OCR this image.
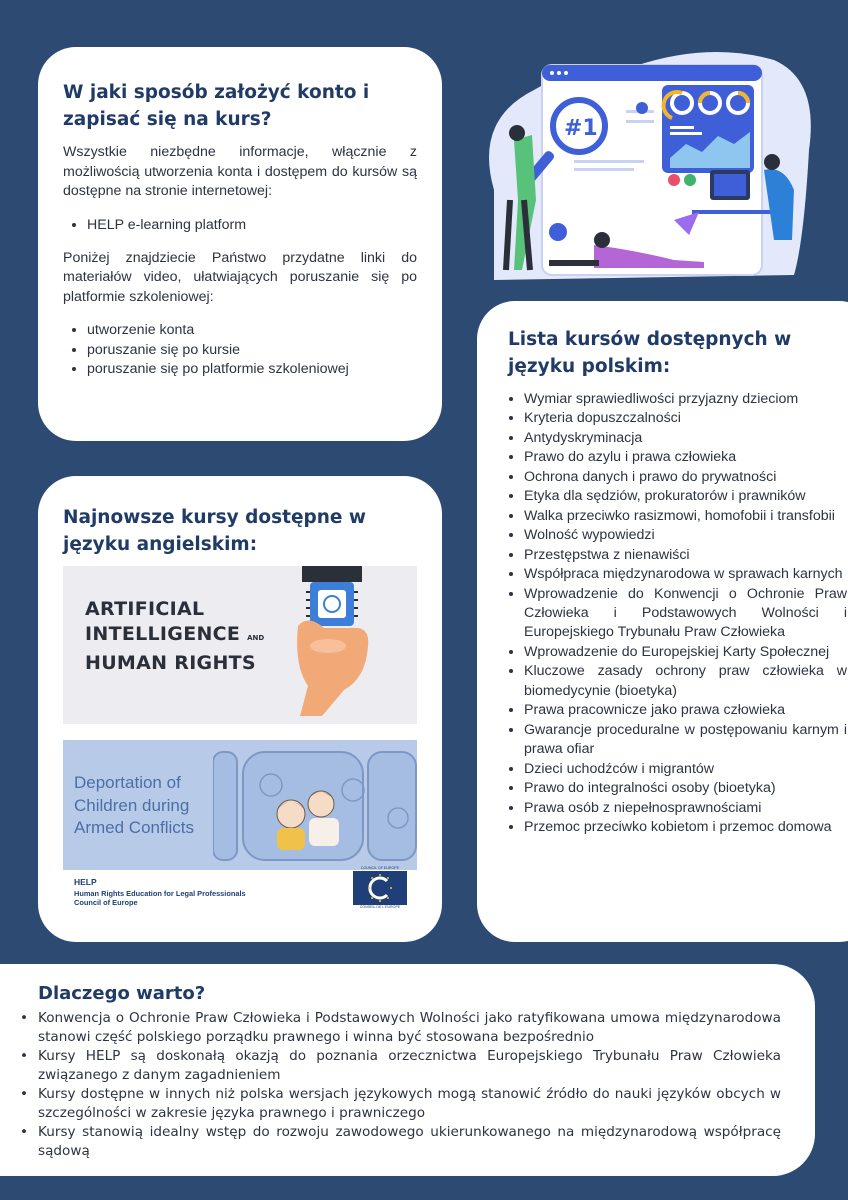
W jaki sposób założyć konto i zapisać się na kurs?

Wszystkie niezbędne informacje, włącznie z możliwością utworzenia konta i dostępem do kursów są dostępne na stronie internetowej:

• HELP e-learning platform

Poniżej znajdziecie Państwo przydatne linki do materiałów video, ułatwiających poruszanie się po platformie szkoleniowej:

• utworzenie konta
• poruszanie się po kursie
• poruszanie się po platformie szkoleniowej
#1
Lista kursów dostępnych w języku polskim:
• Wymiar sprawiedliwości przyjazny dzieciom
• Kryteria dopuszczalności
• Antydyskryminacja
• Prawo do azylu i prawa człowieka
• Ochrona danych i prawo do prywatności
• Etyka dla sędziów, prokuratorów i prawników
• Walka przeciwko rasizmowi, homofobii i transfobii
• Wolność wypowiedzi
• Przestępstwa z nienawiści
• Współpraca międzynarodowa w sprawach karnych
• Wprowadzenie do Konwencji o Ochronie Praw Człowieka i Podstawowych Wolności i Europejskiego Trybunału Praw Człowieka
• Wprowadzenie do Europejskiej Karty Społecznej
• Kluczowe zasady ochrony praw człowieka w biomedycynie (bioetyka)
• Prawa pracownicze jako prawa człowieka
• Gwarancje proceduralne w postępowaniu karnym i prawa ofiar
• Dzieci uchodźców i migrantów
• Prawo do integralności osoby (bioetyka)
• Prawa osób z niepełnosprawnościami
• Przemoc przeciwko kobietom i przemoc domowa
Najnowsze kursy dostępne w języku angielskim:
ARTIFICIAL
INTELLIGENCE AND
HUMAN RIGHTS
Deportation of
Children during
Armed Conflicts
HELP
Human Rights Education for Legal Professionals
Council of Europe
COUNCIL OF EUROPE
CONSEIL DE L'EUROPE
Dlaczego warto?
• Konwencja o Ochronie Praw Człowieka i Podstawowych Wolności jako ratyfikowana umowa międzynarodowa stanowi część polskiego porządku prawnego i winna być stosowana bezpośrednio
• Kursy HELP są doskonałą okazją do poznania orzecznictwa Europejskiego Trybunału Praw Człowieka związanego z danym zagadnieniem
• Kursy dostępne w innych niż polska wersjach językowych mogą stanowić źródło do nauki języków obcych w szczególności w zakresie języka prawnego i prawniczego
• Kursy stanowią idealny wstęp do rozwoju zawodowego ukierunkowanego na międzynarodową współpracę sądową
